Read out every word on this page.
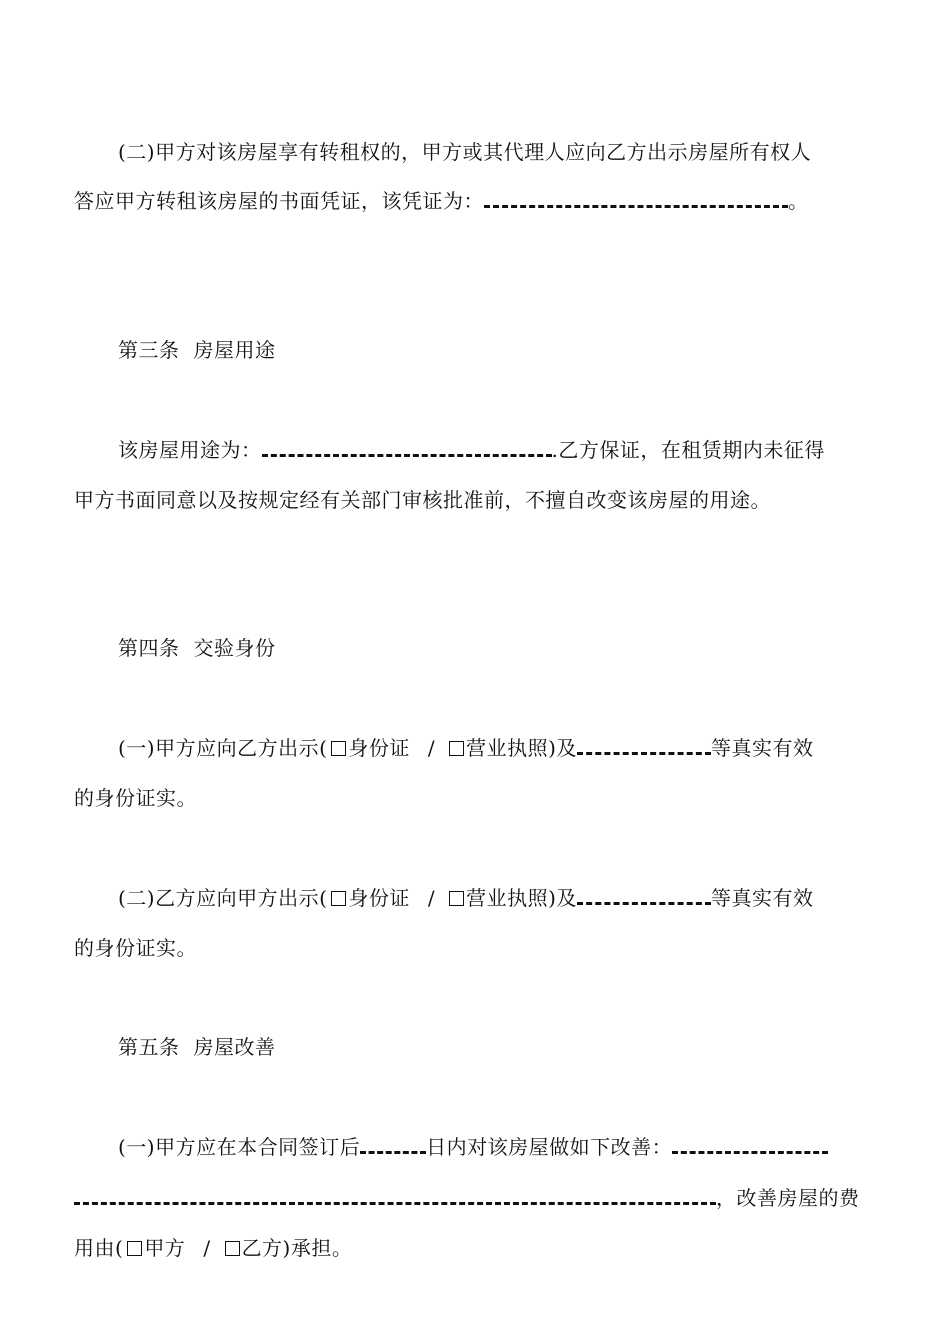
(二)甲方对该房屋享有转租权的，甲方或其代理人应向乙方出示房屋所有权人
答应甲方转租该房屋的书面凭证，该凭证为：	。
第三条 房屋用途
该房屋用途为：	.乙方保证，在租赁期内未征得
甲方书面同意以及按规定经有关部门审核批准前，不擅自改变该房屋的用途。
第四条 交验身份
(一)甲方应向乙方出示( 身份证 / 营业执照)及	等真实有效
的身份证实。
(二)乙方应向甲方出示( 身份证 / 营业执照)及	等真实有效
的身份证实。
第五条 房屋改善
(一)甲方应在本合同签订后	日内对该房屋做如下改善：
，改善房屋的费
用由( 甲方 / 乙方)承担。
